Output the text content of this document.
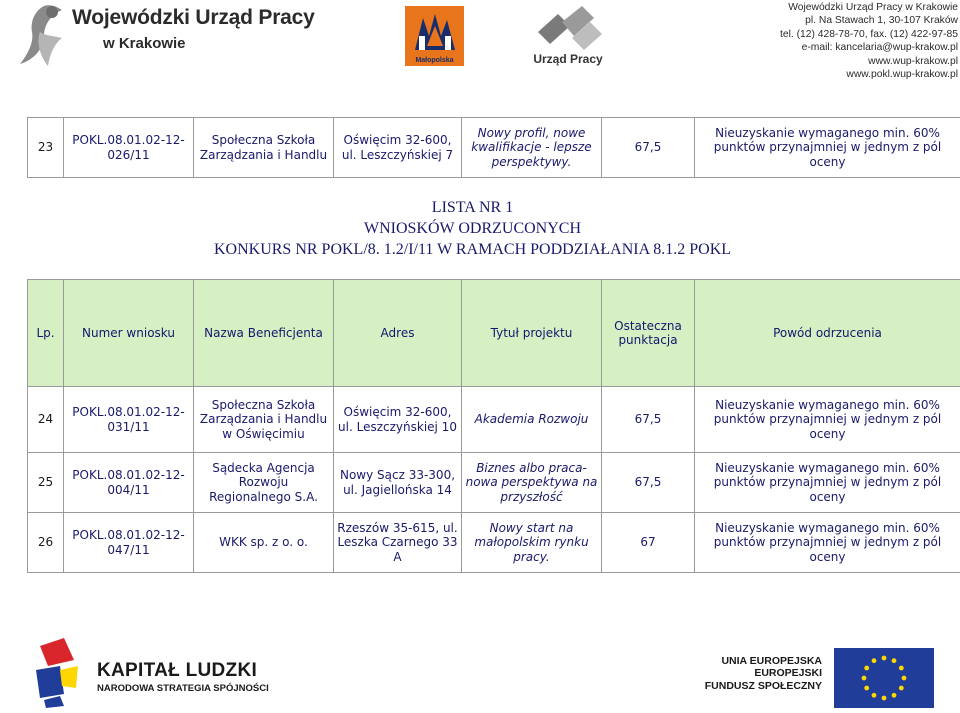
Wojewódzki Urząd Pracy
w Krakowie
Małopolska	Urząd Pracy
Wojewódzki Urząd Pracy w Krakowie
pl. Na Stawach 1, 30-107 Kraków
tel. (12) 428-78-70, fax. (12) 422-97-85
e-mail: kancelaria@wup-krakow.pl
www.wup-krakow.pl
www.pokl.wup-krakow.pl
23	POKL.08.01.02-12-026/11	Społeczna Szkoła Zarządzania i Handlu	Oświęcim 32-600, ul. Leszczyńskiej 7	Nowy profil, nowe kwalifikacje - lepsze perspektywy.	67,5	Nieuzyskanie wymaganego min. 60% punktów przynajmniej w jednym z pól oceny
LISTA NR 1
WNIOSKÓW ODRZUCONYCH
KONKURS NR POKL/8. 1.2/I/11 W RAMACH PODDZIAŁANIA 8.1.2 POKL
Lp.	Numer wniosku	Nazwa Beneficjenta	Adres	Tytuł projektu	Ostateczna punktacja	Powód odrzucenia
24	POKL.08.01.02-12-031/11	Społeczna Szkoła Zarządzania i Handlu w Oświęcimiu	Oświęcim 32-600, ul. Leszczyńskiej 10	Akademia Rozwoju	67,5	Nieuzyskanie wymaganego min. 60% punktów przynajmniej w jednym z pól oceny
25	POKL.08.01.02-12-004/11	Sądecka Agencja Rozwoju Regionalnego S.A.	Nowy Sącz 33-300, ul. Jagiellońska 14	Biznes albo praca-nowa perspektywa na przyszłość	67,5	Nieuzyskanie wymaganego min. 60% punktów przynajmniej w jednym z pól oceny
26	POKL.08.01.02-12-047/11	WKK sp. z o. o.	Rzeszów 35-615, ul. Leszka Czarnego 33 A	Nowy start na małopolskim rynku pracy.	67	Nieuzyskanie wymaganego min. 60% punktów przynajmniej w jednym z pól oceny
KAPITAŁ LUDZKI
NARODOWA STRATEGIA SPÓJNOŚCI
UNIA EUROPEJSKA
EUROPEJSKI
FUNDUSZ SPOŁECZNY
